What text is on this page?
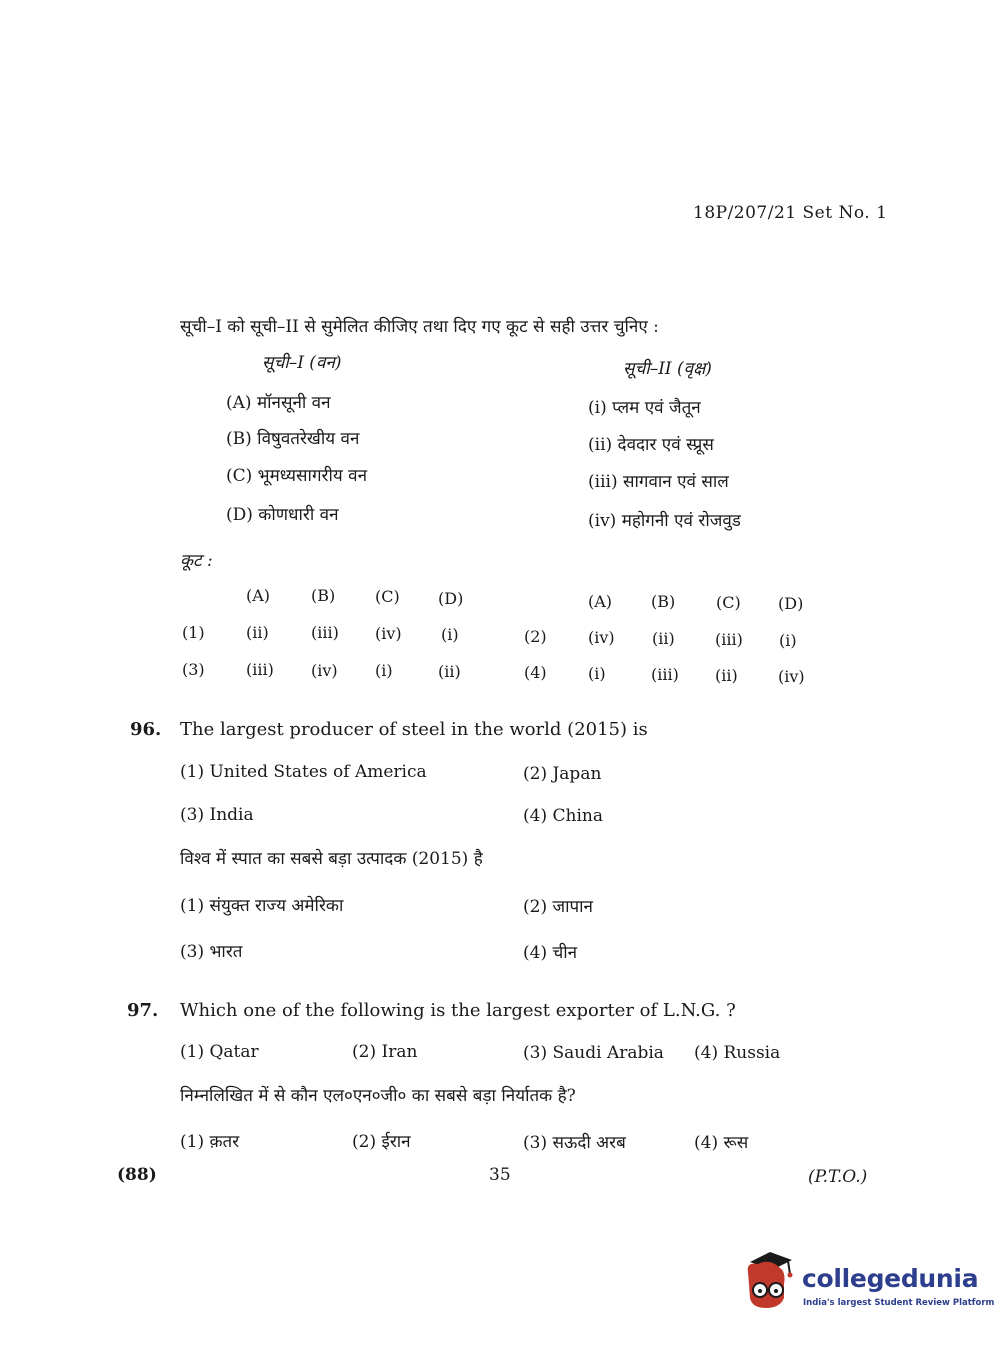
18P/207/21 Set No. 1
सूची–I को सूची–II से सुमेलित कीजिए तथा दिए गए कूट से सही उत्तर चुनिए :
सूची–I (वन)	सूची–II (वृक्ष)
(A) मॉनसूनी वन
(B) विषुवतरेखीय वन
(C) भूमध्यसागरीय वन
(D) कोणधारी वन
(i) प्लम एवं जैतून
(ii) देवदार एवं स्प्रूस
(iii) सागवान एवं साल
(iv) महोगनी एवं रोजवुड
कूट :
(A)	(B) (C) (D)	(A) (B)	(C) (D)
(1)	(ii)	(iii) (iv) (i)	(2)	(iv) (ii)	(iii) (i)
(3)	(iii) (iv) (i)	(ii)	(4)	(i)	(iii) (ii)	(iv)
96. The largest producer of steel in the world (2015) is
(1) United States of America	(2) Japan
(3) India	(4) China
विश्व में स्पात का सबसे बड़ा उत्पादक (2015) है
(1) संयुक्त राज्य अमेरिका	(2) जापान
(3) भारत	(4) चीन
97. Which one of the following is the largest exporter of L.N.G. ?
(1) Qatar	(2) Iran	(3) Saudi Arabia (4) Russia
निम्नलिखित में से कौन एल०एन०जी० का सबसे बड़ा निर्यातक है?
(1) क़तर	(2) ईरान	(3) सऊदी अरब	(4) रूस
(88)	35	(P.T.O.)
collegedunia
India's largest Student Review Platform
